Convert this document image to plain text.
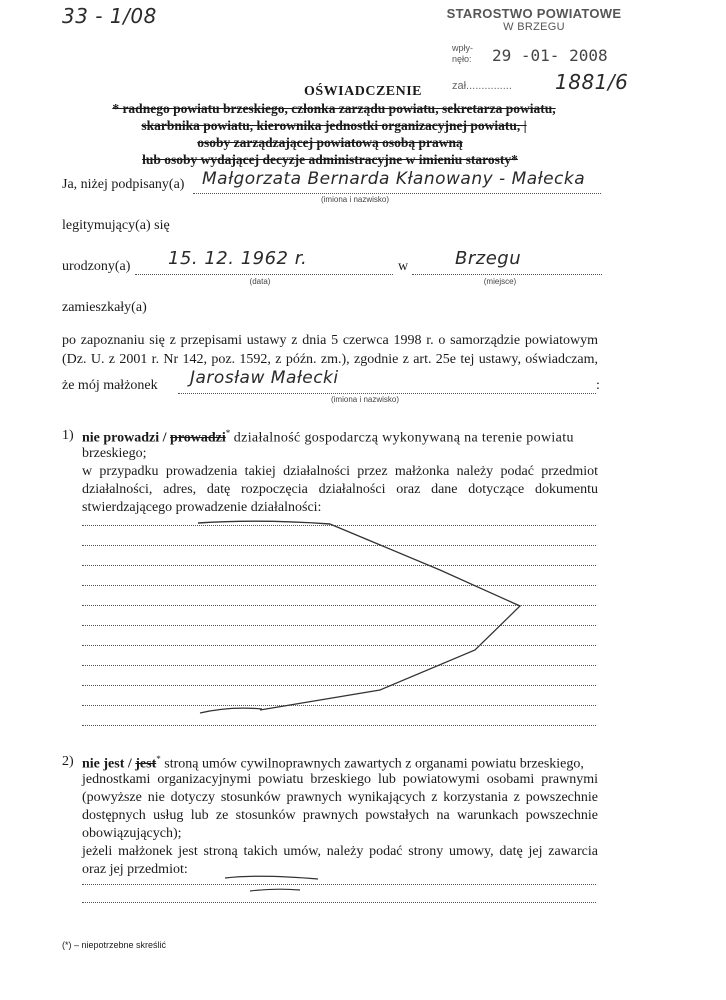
33 - 1/08	STAROSTWO POWIATOWE
W BRZEGU
wpły-
nęło: 29 -01- 2008
zał............... 1881/6
OŚWIADCZENIE
* radnego powiatu brzeskiego, członka zarządu powiatu, sekretarza powiatu,
skarbnika powiatu, kierownika jednostki organizacyjnej powiatu, |
osoby zarządzającej powiatową osobą prawną
lub osoby wydającej decyzje administracyjne w imieniu starosty*
Ja, niżej podpisany(a) Małgorzata Bernarda Kłanowany - Małecka
(imiona i nazwisko)
legitymujący(a) się
urodzony(a) 15. 12. 1962 r.
(data)
w	Brzegu
(miejsce)
zamieszkały(a)
po zapoznaniu się z przepisami ustawy z dnia 5 czerwca 1998 r. o samorządzie powiatowym
(Dz. U. z 2001 r. Nr 142, poz. 1592, z późn. zm.), zgodnie z art. 25e tej ustawy, oświadczam,
że mój małżonek	:
Jarosław Małecki
(imiona i nazwisko)
1) nie prowadzi / prowadzi* działalność gospodarczą wykonywaną na terenie powiatu
brzeskiego;
w przypadku prowadzenia takiej działalności przez małżonka należy podać przedmiot
działalności, adres, datę rozpoczęcia działalności oraz dane dotyczące dokumentu
stwierdzającego prowadzenie działalności:
2) nie jest / jest* stroną umów cywilnoprawnych zawartych z organami powiatu brzeskiego,
jednostkami organizacyjnymi powiatu brzeskiego lub powiatowymi osobami prawnymi
(powyższe nie dotyczy stosunków prawnych wynikających z korzystania z powszechnie
dostępnych usług lub ze stosunków prawnych powstałych na warunkach powszechnie
obowiązujących);
jeżeli małżonek jest stroną takich umów, należy podać strony umowy, datę jej zawarcia
oraz jej przedmiot:
(*) – niepotrzebne skreślić
